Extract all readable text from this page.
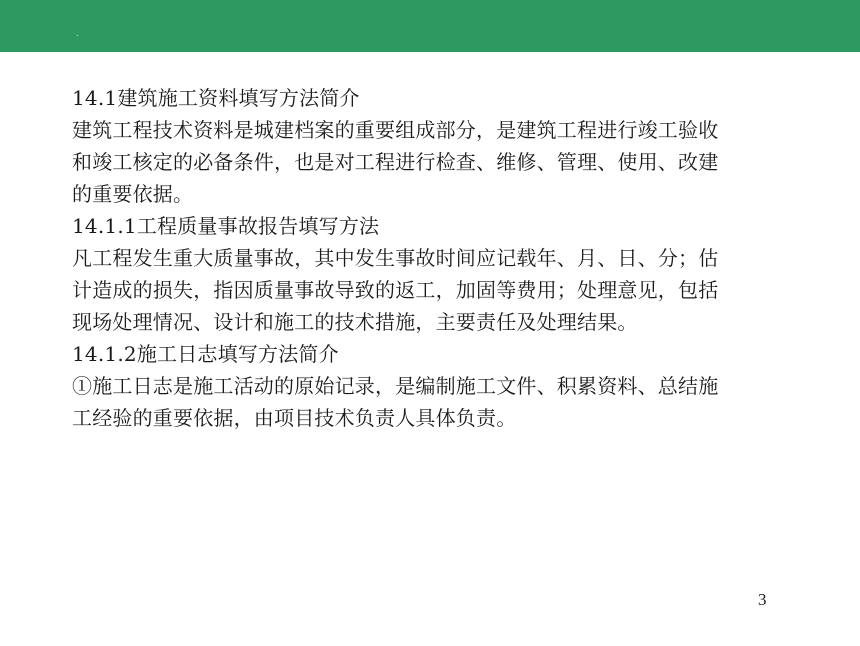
.
14.1建筑施工资料填写方法简介
建筑工程技术资料是城建档案的重要组成部分，是建筑工程进行竣工验收
和竣工核定的必备条件，也是对工程进行检查、维修、管理、使用、改建
的重要依据。
14.1.1工程质量事故报告填写方法
凡工程发生重大质量事故，其中发生事故时间应记载年、月、日、分；估
计造成的损失，指因质量事故导致的返工，加固等费用；处理意见，包括
现场处理情况、设计和施工的技术措施，主要责任及处理结果。
14.1.2施工日志填写方法简介
①施工日志是施工活动的原始记录，是编制施工文件、积累资料、总结施
工经验的重要依据，由项目技术负责人具体负责。
3
